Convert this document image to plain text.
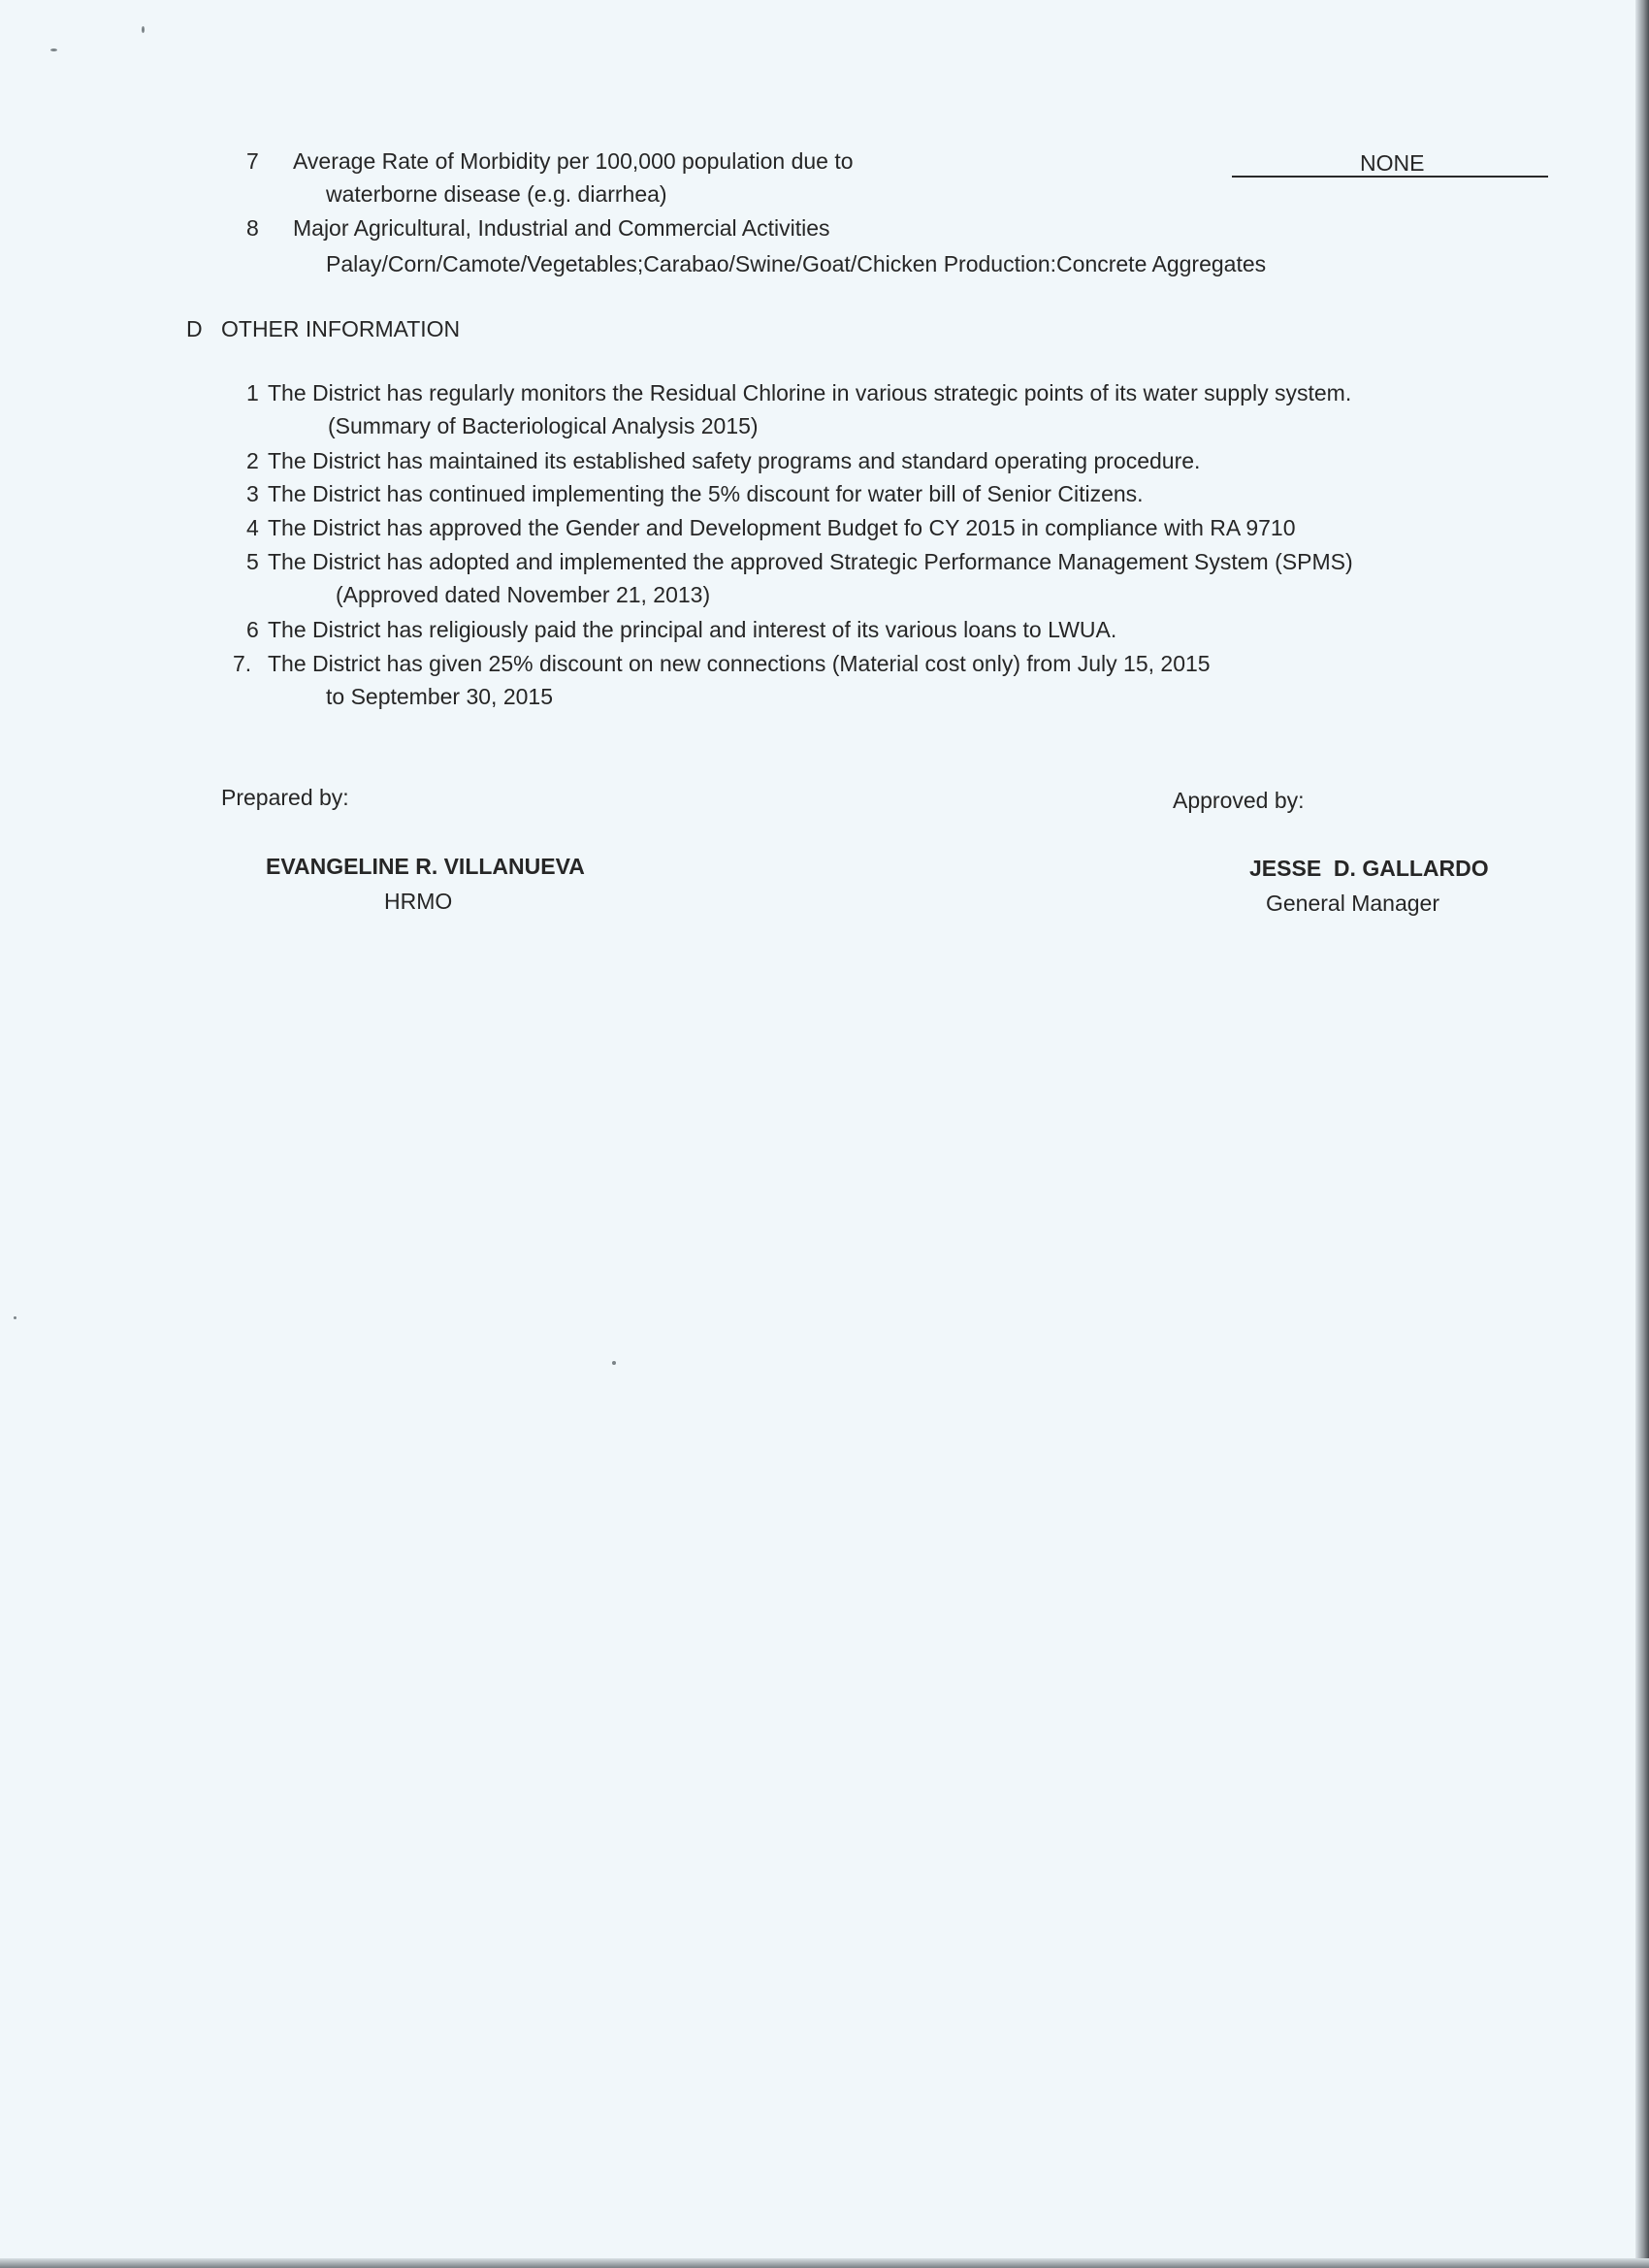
7 Average Rate of Morbidity per 100,000 population due to
waterborne disease (e.g. diarrhea)
NONE
8 Major Agricultural, Industrial and Commercial Activities
Palay/Corn/Camote/Vegetables;Carabao/Swine/Goat/Chicken Production:Concrete Aggregates
D OTHER INFORMATION
1 The District has regularly monitors the Residual Chlorine in various strategic points of its water supply system.
(Summary of Bacteriological Analysis 2015)
2 The District has maintained its established safety programs and standard operating procedure.
3 The District has continued implementing the 5% discount for water bill of Senior Citizens.
4 The District has approved the Gender and Development Budget fo CY 2015 in compliance with RA 9710
5 The District has adopted and implemented the approved Strategic Performance Management System (SPMS)
(Approved dated November 21, 2013)
6 The District has religiously paid the principal and interest of its various loans to LWUA.
7. The District has given 25% discount on new connections (Material cost only) from July 15, 2015
to September 30, 2015
Prepared by:
EVANGELINE R. VILLANUEVA
HRMO
Approved by:
JESSE  D. GALLARDO
General Manager
